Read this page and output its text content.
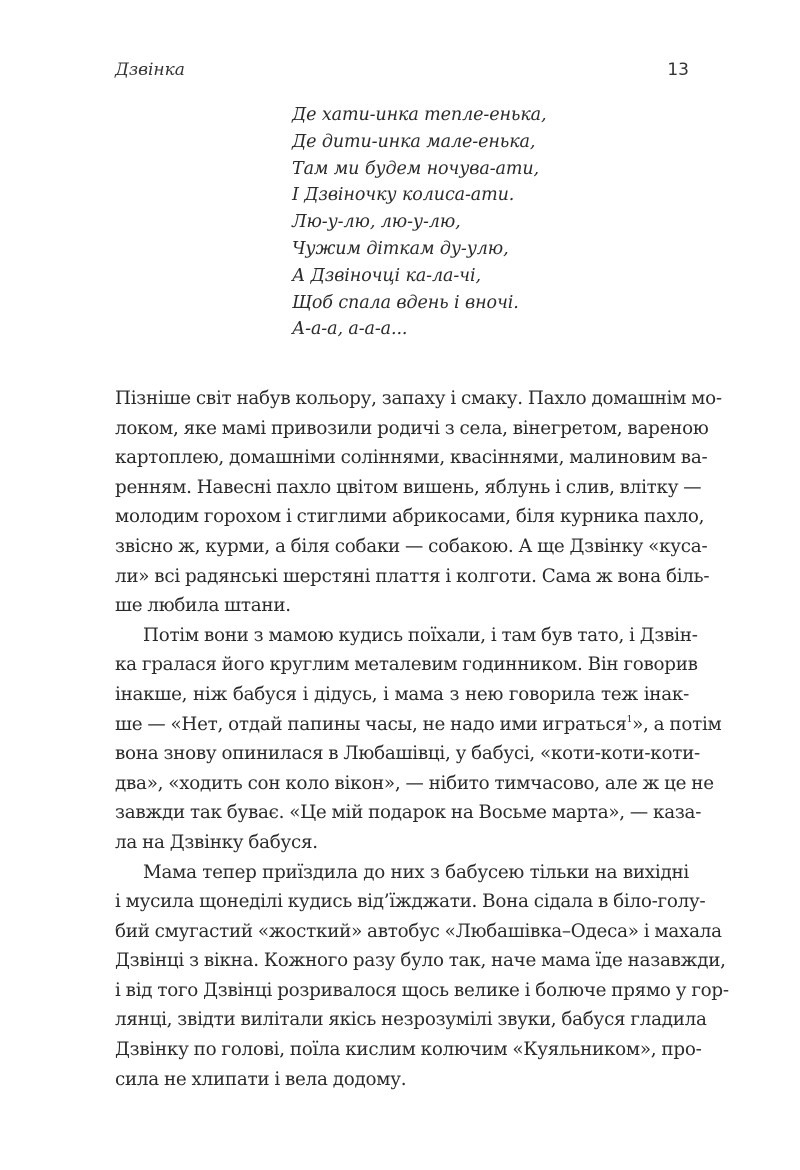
Дзвінка	13
Де хати-инка тепле-енька,
Де дити-инка мале-енька,
Там ми будем ночува-ати,
І Дзвіночку колиса-ати.
Лю-у-лю, лю-у-лю,
Чужим діткам ду-улю,
А Дзвіночці ка-ла-чі,
Щоб спала вдень і вночі.
А-а-а, а-а-а...
Пізніше світ набув кольору, запаху і смаку. Пахло домашнім мо-
локом, яке мамі привозили родичі з села, вінегретом, вареною
картоплею, домашніми соліннями, квасіннями, малиновим ва-
ренням. Навесні пахло цвітом вишень, яблунь і слив, влітку —
молодим горохом і стиглими абрикосами, біля курника пахло,
звісно ж, курми, а біля собаки — собакою. А ще Дзвінку «куса-
ли» всі радянські шерстяні плаття і колготи. Сама ж вона біль-
ше любила штани.
Потім вони з мамою кудись поїхали, і там був тато, і Дзвін-
ка гралася його круглим металевим годинником. Він говорив
інакше, ніж бабуся і дідусь, і мама з нею говорила теж інак-
ше — «Нет, отдай папины часы, не надо ими играться$^1$», а потім
вона знову опинилася в Любашівці, у бабусі, «коти-коти-коти-
два», «ходить сон коло вікон», — нібито тимчасово, але ж це не
завжди так буває. «Це мій подарок на Восьме марта», — каза-
ла на Дзвінку бабуся.
Мама тепер приїздила до них з бабусею тільки на вихідні
і мусила щонеділі кудись від’їжджати. Вона сідала в біло-голу-
бий смугастий «жосткий» автобус «Любашівка–Одеса» і махала
Дзвінці з вікна. Кожного разу було так, наче мама їде назавжди,
і від того Дзвінці розривалося щось велике і болюче прямо у гор-
лянці, звідти вилітали якісь незрозумілі звуки, бабуся гладила
Дзвінку по голові, поїла кислим колючим «Куяльником», про-
сила не хлипати і вела додому.
